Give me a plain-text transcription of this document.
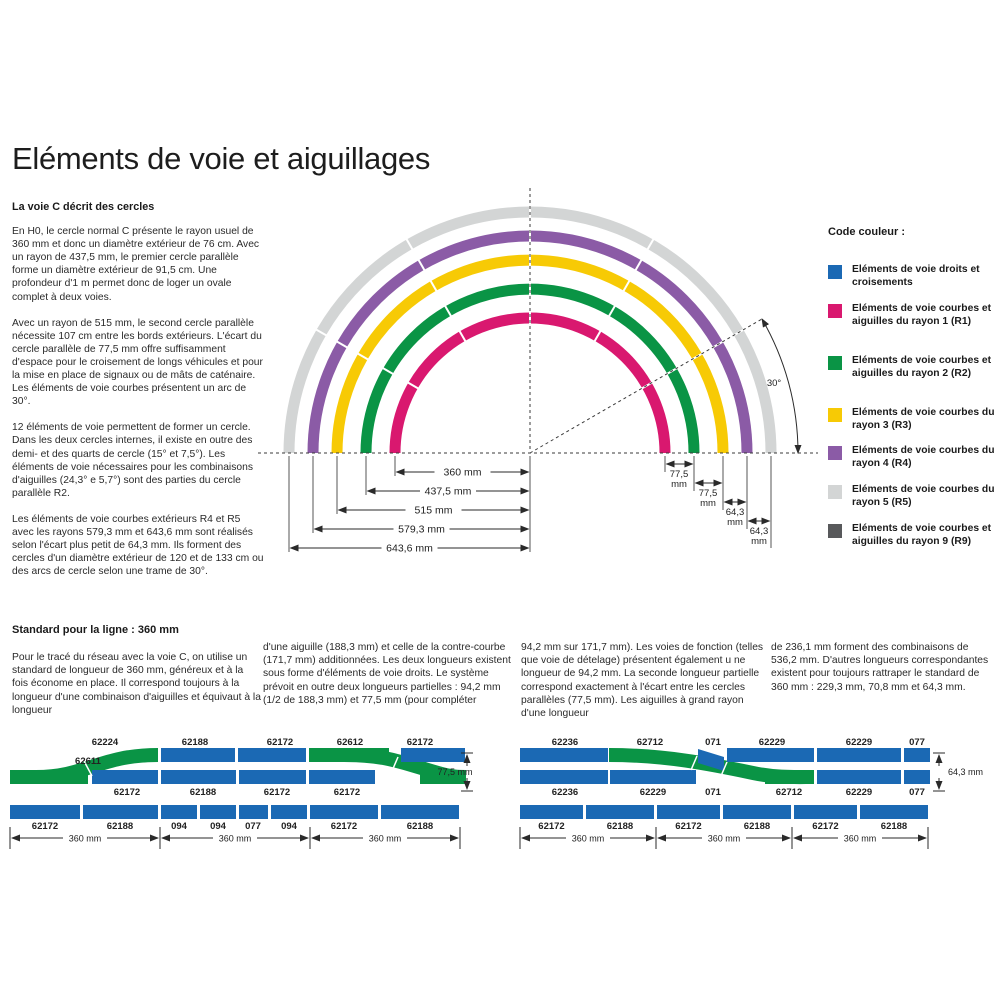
Eléments de voie et aiguillages
La voie C décrit des cercles

En H0, le cercle normal C présente le rayon usuel de 360 mm et donc un diamètre extérieur de 76 cm. Avec un rayon de 437,5 mm, le premier cercle parallèle forme un diamètre extérieur de 91,5 cm. Une profondeur d'1 m permet donc de loger un ovale complet à deux voies.

Avec un rayon de 515 mm, le second cercle parallèle nécessite 107 cm entre les bords extérieurs. L'écart du cercle parallèle de 77,5 mm offre suffisamment d'espace pour le croisement de longs véhicules et pour la mise en place de signaux ou de mâts de caténaire. Les éléments de voie courbes présentent un arc de 30°.

12 éléments de voie permettent de former un cercle. Dans les deux cercles internes, il existe en outre des demi- et des quarts de cercle (15° et 7,5°). Les éléments de voie nécessaires pour les combinaisons d'aiguilles (24,3° e 5,7°) sont des parties du cercle parallèle R2.

Les éléments de voie courbes extérieurs R4 et R5 avec les rayons 579,3 mm et 643,6 mm sont réalisés selon l'écart plus petit de 64,3 mm. Ils forment des cercles d'un diamètre extérieur de 120 et de 133 cm ou des arcs de cercle selon une trame de 30°.

Code couleur :
Eléments de voie droits et croisements
Eléments de voie courbes et aiguilles du rayon 1 (R1)
Eléments de voie courbes et aiguilles du rayon 2 (R2)
Eléments de voie courbes du rayon 3 (R3)
Eléments de voie courbes du rayon 4 (R4)
Eléments de voie courbes du rayon 5 (R5)
Eléments de voie courbes et aiguilles du rayon 9 (R9)
30°
360 mm
437,5 mm
515 mm
579,3 mm
643,6 mm
77,5
mm
77,5
mm
64,3
mm
64,3
mm
Standard pour la ligne : 360 mm
Pour le tracé du réseau avec la voie C, on utilise un standard de longueur de 360 mm, généreux et à la fois économe en place. Il correspond toujours à la longueur d'une combinaison d'aiguilles et équivaut à la longueur
d'une aiguille (188,3 mm) et celle de la contre-courbe (171,7 mm) additionnées. Les deux longueurs existent sous forme d'éléments de voie droits. Le système prévoit en outre deux longueurs partielles : 94,2 mm (1/2 de 188,3 mm) et 77,5 mm (pour compléter
94,2 mm sur 171,7 mm). Les voies de fonction (telles que voie de dételage) présentent également u ne longueur de 94,2 mm. La seconde longueur partielle correspond exactement à l'écart entre les cercles parallèles (77,5 mm). Les aiguilles à grand rayon d'une longueur
de 236,1 mm forment des combinaisons de 536,2 mm. D'autres longueurs correspondantes existent pour toujours rattraper le standard de 360 mm : 229,3 mm, 70,8 mm et 64,3 mm.
62224	62188	62172	62612	62172
62611
62172	62188	62172	62172
62172	62188	094 094 077 094	62172	62188
77,5 mm
360 mm	360 mm	360 mm
62236	62712	071	62229	62229	077
62236	62229	071	62712	62229	077
62172	62188	62172	62188	62172	62188
64,3 mm
360 mm	360 mm	360 mm
